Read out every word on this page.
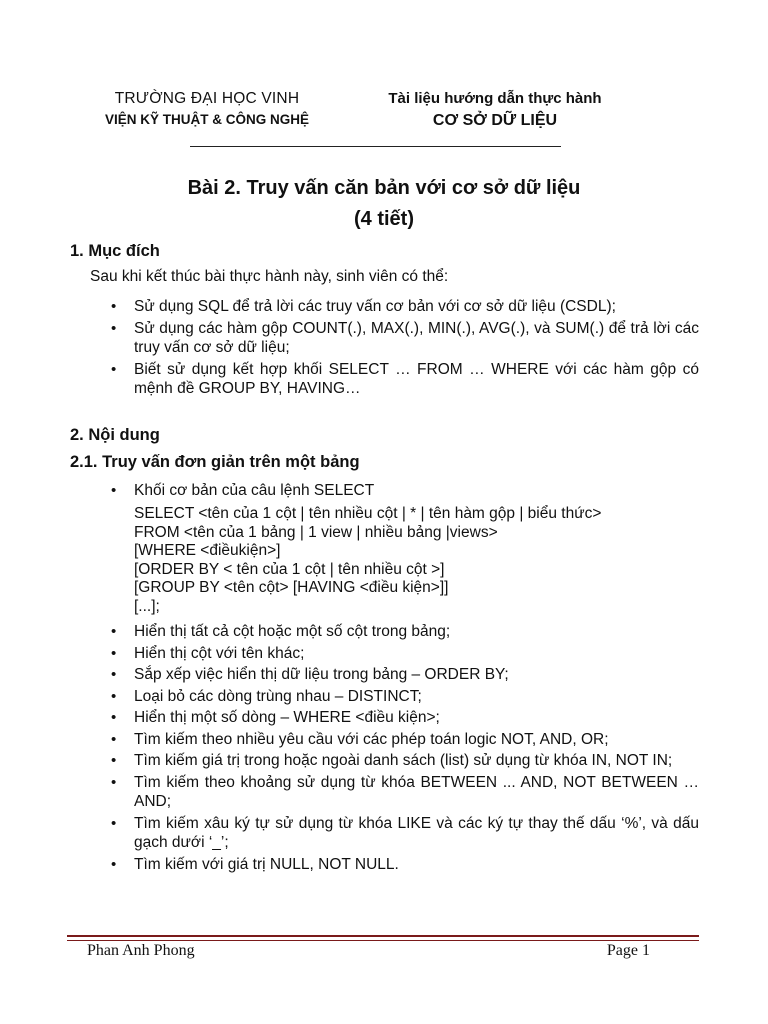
TRƯỜNG ĐẠI HỌC VINH
VIỆN KỸ THUẬT & CÔNG NGHỆ
Tài liệu hướng dẫn thực hành
CƠ SỞ DỮ LIỆU
Bài 2. Truy vấn căn bản với cơ sở dữ liệu
(4 tiết)
1. Mục đích
Sau khi kết thúc bài thực hành này, sinh viên có thể:
• Sử dụng SQL để trả lời các truy vấn cơ bản với cơ sở dữ liệu (CSDL);
• Sử dụng các hàm gộp COUNT(.), MAX(.), MIN(.), AVG(.), và SUM(.) để trả lời các truy vấn cơ sở dữ liệu;
• Biết sử dụng kết hợp khối SELECT … FROM … WHERE với các hàm gộp có mệnh đề GROUP BY, HAVING…
2. Nội dung
2.1. Truy vấn đơn giản trên một bảng
• Khối cơ bản của câu lệnh SELECT
SELECT <tên của 1 cột | tên nhiều cột | * | tên hàm gộp | biểu thức>
FROM <tên của 1 bảng | 1 view | nhiều bảng |views>
[WHERE <điềukiện>]
[ORDER BY < tên của 1 cột | tên nhiều cột >]
[GROUP BY <tên cột> [HAVING <điều kiện>]]
[...];
• Hiển thị tất cả cột hoặc một số cột trong bảng;
• Hiển thị cột với tên khác;
• Sắp xếp việc hiển thị dữ liệu trong bảng – ORDER BY;
• Loại bỏ các dòng trùng nhau – DISTINCT;
• Hiển thị một số dòng – WHERE <điều kiện>;
• Tìm kiếm theo nhiều yêu cầu với các phép toán logic NOT, AND, OR;
• Tìm kiếm giá trị trong hoặc ngoài danh sách (list) sử dụng từ khóa IN, NOT IN;
• Tìm kiếm theo khoảng sử dụng từ khóa BETWEEN ... AND, NOT BETWEEN … AND;
• Tìm kiếm xâu ký tự sử dụng từ khóa LIKE và các ký tự thay thế dấu ‘%’, và dấu gạch dưới ‘_’;
• Tìm kiếm với giá trị NULL, NOT NULL.
Phan Anh Phong	Page 1
